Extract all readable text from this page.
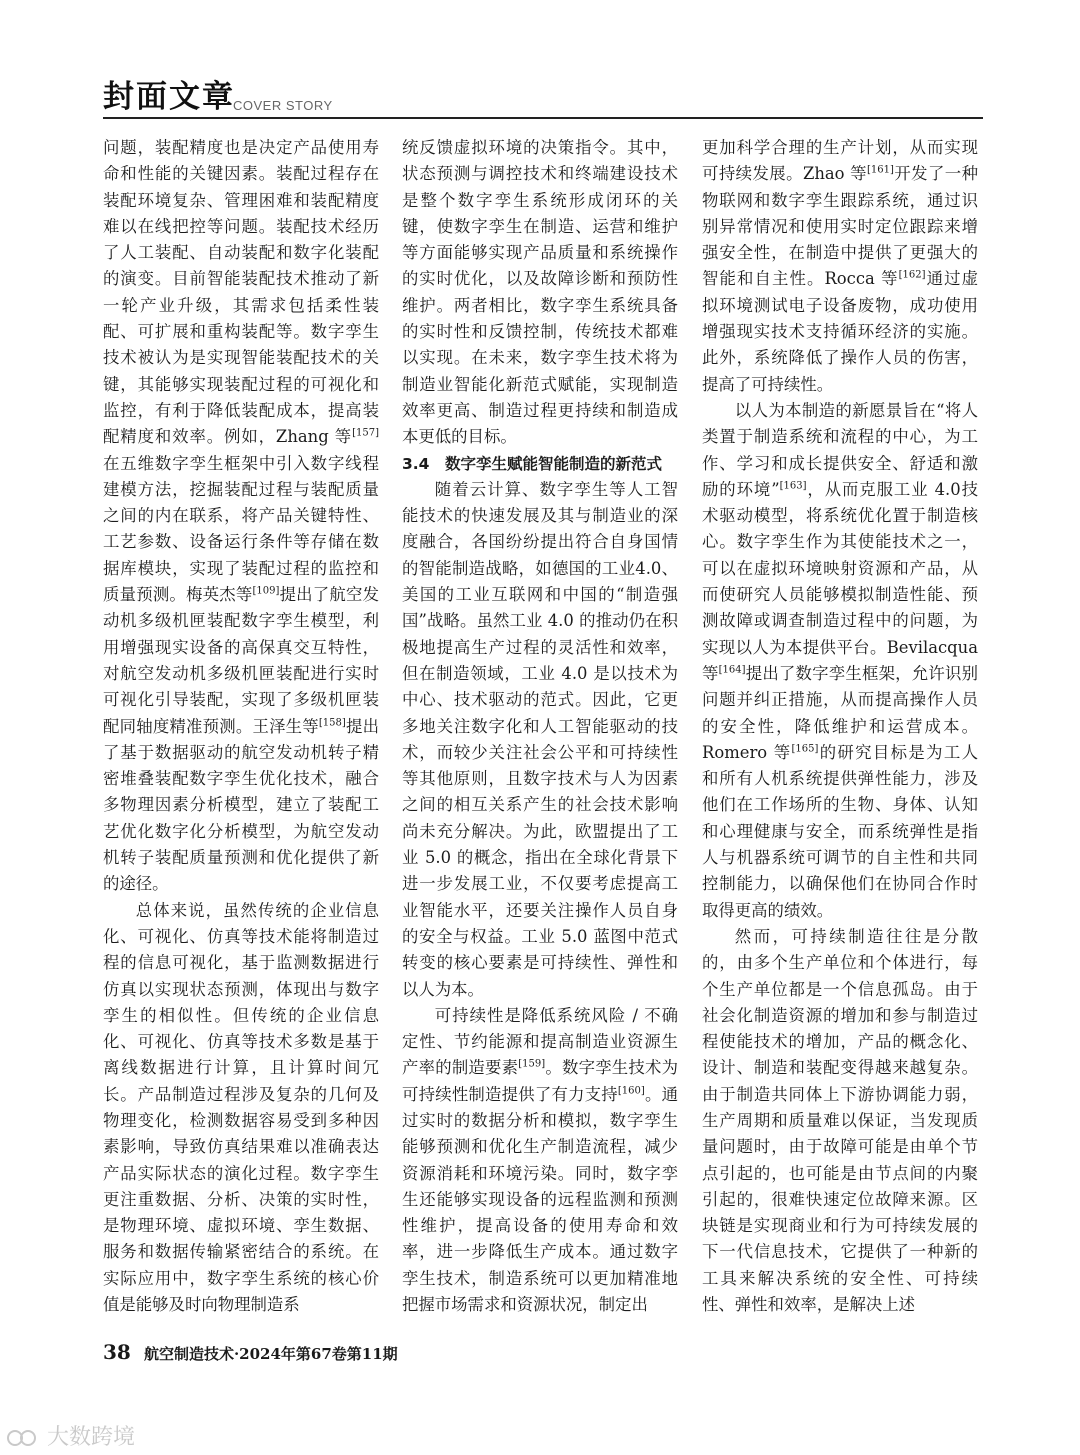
封面文章
COVER STORY

问题，装配精度也是决定产品使用寿命和性能的关键因素。装配过程存在装配环境复杂、管理困难和装配精度难以在线把控等问题。装配技术经历了人工装配、自动装配和数字化装配的演变。目前智能装配技术推动了新一轮产业升级，其需求包括柔性装配、可扩展和重构装配等。数字孪生技术被认为是实现智能装配技术的关键，其能够实现装配过程的可视化和监控，有利于降低装配成本，提高装配精度和效率。例如，Zhang 等[157]在五维数字孪生框架中引入数字线程建模方法，挖掘装配过程与装配质量之间的内在联系，将产品关键特性、工艺参数、设备运行条件等存储在数据库模块，实现了装配过程的监控和质量预测。梅英杰等[109]提出了航空发动机多级机匣装配数字孪生模型，利用增强现实设备的高保真交互特性，对航空发动机多级机匣装配进行实时可视化引导装配，实现了多级机匣装配同轴度精准预测。王泽生等[158]提出了基于数据驱动的航空发动机转子精密堆叠装配数字孪生优化技术，融合多物理因素分析模型，建立了装配工艺优化数字化分析模型，为航空发动机转子装配质量预测和优化提供了新的途径。

总体来说，虽然传统的企业信息化、可视化、仿真等技术能将制造过程的信息可视化，基于监测数据进行仿真以实现状态预测，体现出与数字孪生的相似性。但传统的企业信息化、可视化、仿真等技术多数是基于离线数据进行计算，且计算时间冗长。产品制造过程涉及复杂的几何及物理变化，检测数据容易受到多种因素影响，导致仿真结果难以准确表达产品实际状态的演化过程。数字孪生更注重数据、分析、决策的实时性，是物理环境、虚拟环境、孪生数据、服务和数据传输紧密结合的系统。在实际应用中，数字孪生系统的核心价值是能够及时向物理制造系

统反馈虚拟环境的决策指令。其中，状态预测与调控技术和终端建设技术是整个数字孪生系统形成闭环的关键，使数字孪生在制造、运营和维护等方面能够实现产品质量和系统操作的实时优化，以及故障诊断和预防性维护。两者相比，数字孪生系统具备的实时性和反馈控制，传统技术都难以实现。在未来，数字孪生技术将为制造业智能化新范式赋能，实现制造效率更高、制造过程更持续和制造成本更低的目标。

3.4　数字孪生赋能智能制造的新范式

随着云计算、数字孪生等人工智能技术的快速发展及其与制造业的深度融合，各国纷纷提出符合自身国情的智能制造战略，如德国的工业4.0、美国的工业互联网和中国的“制造强国”战略。虽然工业 4.0 的推动仍在积极地提高生产过程的灵活性和效率，但在制造领域，工业 4.0 是以技术为中心、技术驱动的范式。因此，它更多地关注数字化和人工智能驱动的技术，而较少关注社会公平和可持续性等其他原则，且数字技术与人为因素之间的相互关系产生的社会技术影响尚未充分解决。为此，欧盟提出了工业 5.0 的概念，指出在全球化背景下进一步发展工业，不仅要考虑提高工业智能水平，还要关注操作人员自身的安全与权益。工业 5.0 蓝图中范式转变的核心要素是可持续性、弹性和以人为本。

可持续性是降低系统风险 / 不确定性、节约能源和提高制造业资源生产率的制造要素[159]。数字孪生技术为可持续性制造提供了有力支持[160]。通过实时的数据分析和模拟，数字孪生能够预测和优化生产制造流程，减少资源消耗和环境污染。同时，数字孪生还能够实现设备的远程监测和预测性维护，提高设备的使用寿命和效率，进一步降低生产成本。通过数字孪生技术，制造系统可以更加精准地把握市场需求和资源状况，制定出

更加科学合理的生产计划，从而实现可持续发展。Zhao 等[161]开发了一种物联网和数字孪生跟踪系统，通过识别异常情况和使用实时定位跟踪来增强安全性，在制造中提供了更强大的智能和自主性。Rocca 等[162]通过虚拟环境测试电子设备废物，成功使用增强现实技术支持循环经济的实施。此外，系统降低了操作人员的伤害，提高了可持续性。

以人为本制造的新愿景旨在“将人类置于制造系统和流程的中心，为工作、学习和成长提供安全、舒适和激励的环境”[163]，从而克服工业 4.0技术驱动模型，将系统优化置于制造核心。数字孪生作为其使能技术之一，可以在虚拟环境映射资源和产品，从而使研究人员能够模拟制造性能、预测故障或调查制造过程中的问题，为实现以人为本提供平台。Bevilacqua 等[164]提出了数字孪生框架，允许识别问题并纠正措施，从而提高操作人员的安全性，降低维护和运营成本。Romero 等[165]的研究目标是为工人和所有人机系统提供弹性能力，涉及他们在工作场所的生物、身体、认知和心理健康与安全，而系统弹性是指人与机器系统可调节的自主性和共同控制能力，以确保他们在协同合作时取得更高的绩效。

然而，可持续制造往往是分散的，由多个生产单位和个体进行，每个生产单位都是一个信息孤岛。由于社会化制造资源的增加和参与制造过程使能技术的增加，产品的概念化、设计、制造和装配变得越来越复杂。由于制造共同体上下游协调能力弱，生产周期和质量难以保证，当发现质量问题时，由于故障可能是由单个节点引起的，也可能是由节点间的内聚引起的，很难快速定位故障来源。区块链是实现商业和行为可持续发展的下一代信息技术，它提供了一种新的工具来解决系统的安全性、可持续性、弹性和效率，是解决上述

38 航空制造技术·2024年第67卷第11期
大数跨境
